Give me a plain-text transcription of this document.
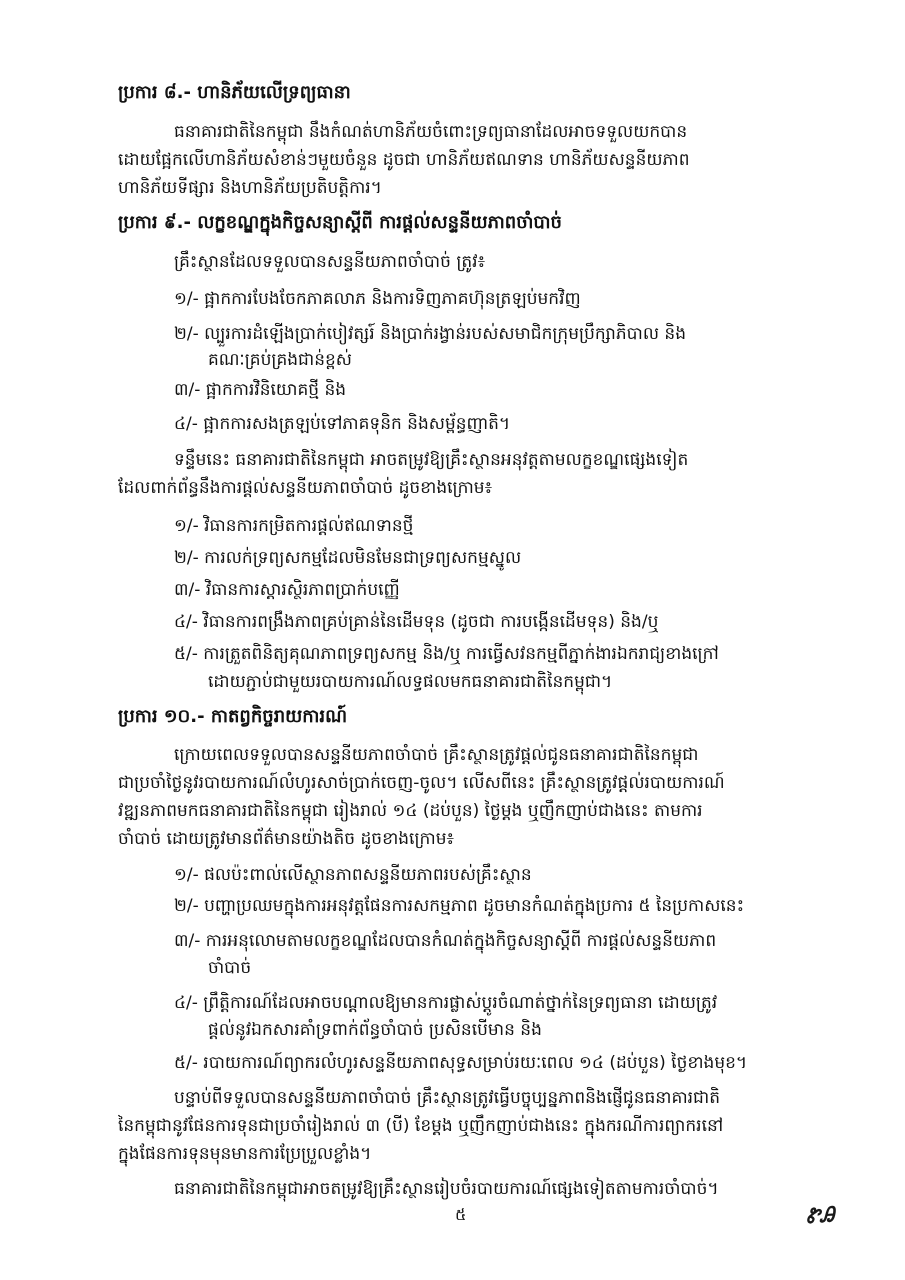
ប្រការ ៨.- ហានិភ័យលើទ្រព្យធានា
ធនាគារជាតិនៃកម្ពុជា នឹងកំណត់ហានិភ័យចំពោះទ្រព្យធានាដែលអាចទទួលយកបាន
ដោយផ្អែកលើហានិភ័យសំខាន់ៗមួយចំនួន ដូចជា ហានិភ័យឥណទាន ហានិភ័យសន្ទនីយភាព
ហានិភ័យទីផ្សារ និងហានិភ័យប្រតិបត្តិការ។
ប្រការ ៩.- លក្ខខណ្ឌក្នុងកិច្ចសន្យាស្តីពី ការផ្តល់សន្ទនីយភាពចាំបាច់
គ្រឹះស្ថានដែលទទួលបានសន្ទនីយភាពចាំបាច់ ត្រូវ៖
១/- ផ្អាកការបែងចែកភាគលាភ និងការទិញភាគហ៊ុនត្រឡប់មកវិញ
២/- ល្បួរការដំឡើងប្រាក់បៀវត្សរ៍ និងប្រាក់រង្វាន់របស់សមាជិកក្រុមប្រឹក្សាភិបាល និង
គណៈគ្រប់គ្រងជាន់ខ្ពស់
៣/- ផ្អាកការវិនិយោគថ្មី និង
៤/- ផ្អាកការសងត្រឡប់ទៅភាគទុនិក និងសម្ព័ន្ធញាតិ។
ទន្ទឹមនេះ ធនាគារជាតិនៃកម្ពុជា អាចតម្រូវឱ្យគ្រឹះស្ថានអនុវត្តតាមលក្ខខណ្ឌផ្សេងទៀត
ដែលពាក់ព័ន្ធនឹងការផ្តល់សន្ទនីយភាពចាំបាច់ ដូចខាងក្រោម៖
១/- វិធានការកម្រិតការផ្តល់ឥណទានថ្មី
២/- ការលក់ទ្រព្យសកម្មដែលមិនមែនជាទ្រព្យសកម្មស្នូល
៣/- វិធានការស្តារស្ថិរភាពប្រាក់បញ្ញើ
៤/- វិធានការពង្រឹងភាពគ្រប់គ្រាន់នៃដើមទុន (ដូចជា ការបង្កើនដើមទុន) និង/ឬ
៥/- ការត្រួតពិនិត្យគុណភាពទ្រព្យសកម្ម និង/ឬ ការធ្វើសវនកម្មពីភ្នាក់ងារឯករាជ្យខាងក្រៅ
ដោយភ្ជាប់ជាមួយរបាយការណ៍លទ្ធផលមកធនាគារជាតិនៃកម្ពុជា។
ប្រការ ១០.- កាតព្វកិច្ចរាយការណ៍
ក្រោយពេលទទួលបានសន្ទនីយភាពចាំបាច់ គ្រឹះស្ថានត្រូវផ្តល់ជូនធនាគារជាតិនៃកម្ពុជា
ជាប្រចាំថ្ងៃនូវរបាយការណ៍លំហូរសាច់ប្រាក់ចេញ-ចូល។ លើសពីនេះ គ្រឹះស្ថានត្រូវផ្តល់របាយការណ៍
វឌ្ឍនភាពមកធនាគារជាតិនៃកម្ពុជា រៀងរាល់ ១៤ (ដប់បួន) ថ្ងៃម្តង ឬញឹកញាប់ជាងនេះ តាមការ
ចាំបាច់ ដោយត្រូវមានព័ត៌មានយ៉ាងតិច ដូចខាងក្រោម៖
១/- ផលប៉ះពាល់លើស្ថានភាពសន្ទនីយភាពរបស់គ្រឹះស្ថាន
២/- បញ្ហាប្រឈមក្នុងការអនុវត្តផែនការសកម្មភាព ដូចមានកំណត់ក្នុងប្រការ ៥ នៃប្រកាសនេះ
៣/- ការអនុលោមតាមលក្ខខណ្ឌដែលបានកំណត់ក្នុងកិច្ចសន្យាស្តីពី ការផ្តល់សន្ទនីយភាព
ចាំបាច់
៤/- ព្រឹត្តិការណ៍ដែលអាចបណ្តាលឱ្យមានការផ្លាស់ប្តូរចំណាត់ថ្នាក់នៃទ្រព្យធានា ដោយត្រូវ
ផ្តល់នូវឯកសារគាំទ្រពាក់ព័ន្ធចាំបាច់ ប្រសិនបើមាន និង
៥/- របាយការណ៍ព្យាករលំហូរសន្ទនីយភាពសុទ្ធសម្រាប់រយៈពេល ១៤ (ដប់បួន) ថ្ងៃខាងមុខ។
បន្ទាប់ពីទទួលបានសន្ទនីយភាពចាំបាច់ គ្រឹះស្ថានត្រូវធ្វើបច្ចុប្បន្នភាពនិងផ្ញើជូនធនាគារជាតិ
នៃកម្ពុជានូវផែនការទុនជាប្រចាំរៀងរាល់ ៣ (បី) ខែម្តង ឬញឹកញាប់ជាងនេះ ក្នុងករណីការព្យាករនៅ
ក្នុងផែនការទុនមុនមានការប្រែប្រួលខ្លាំង។
ធនាគារជាតិនៃកម្ពុជាអាចតម្រូវឱ្យគ្រឹះស្ថានរៀបចំរបាយការណ៍ផ្សេងទៀតតាមការចាំបាច់។
៥	ᏑᎯ
